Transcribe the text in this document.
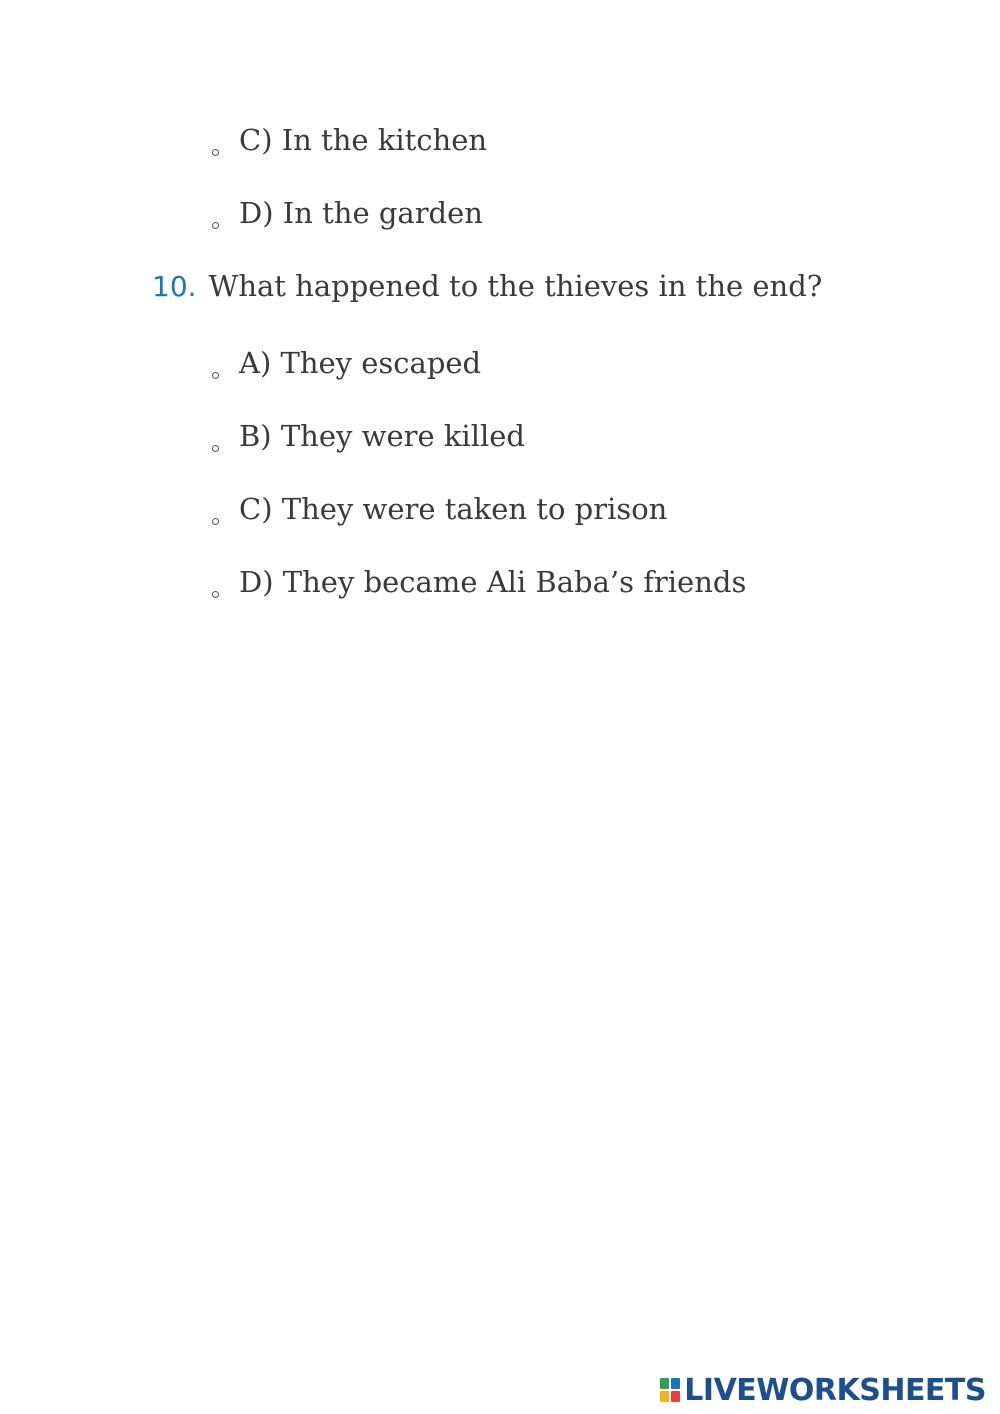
C) In the kitchen
D) In the garden
10. What happened to the thieves in the end?
A) They escaped
B) They were killed
C) They were taken to prison
D) They became Ali Baba’s friends
LIVEWORKSHEETS
